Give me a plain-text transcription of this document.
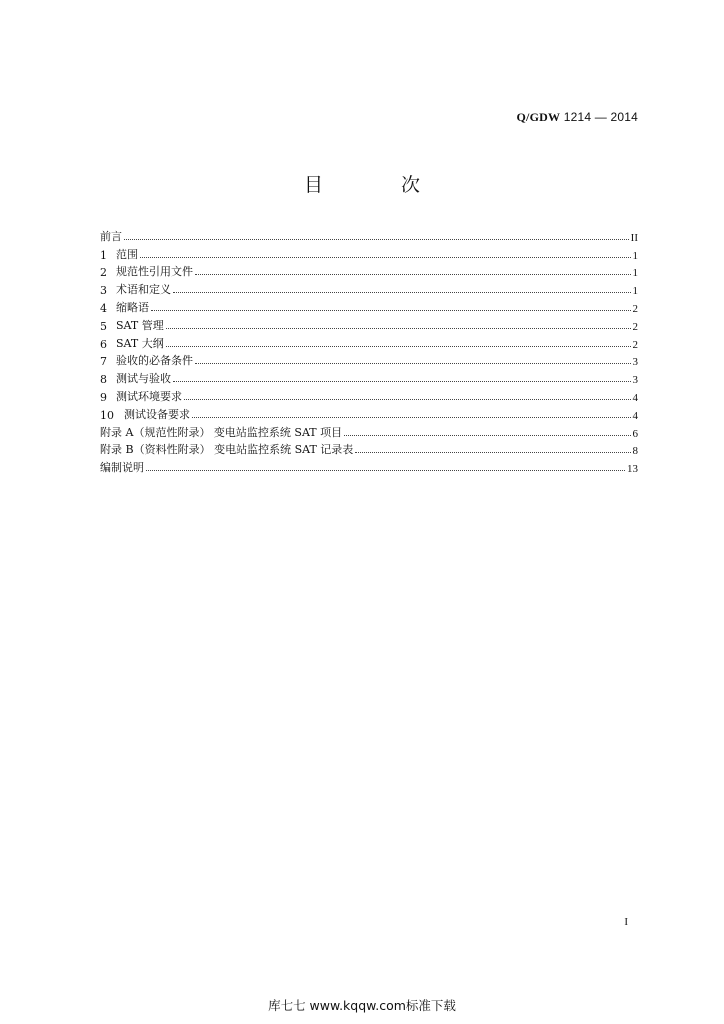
Q/GDW 1214 — 2014
目 次
前言	II
1 范围	1
2 规范性引用文件	1
3 术语和定义	1
4 缩略语	2
5 SAT 管理	2
6 SAT 大纲	2
7 验收的必备条件	3
8 测试与验收	3
9 测试环境要求	4
10 测试设备要求	4
附录 A（规范性附录） 变电站监控系统 SAT 项目	6
附录 B（资料性附录） 变电站监控系统 SAT 记录表	8
编制说明	13
I
库七七 www.kqqw.com标准下载
